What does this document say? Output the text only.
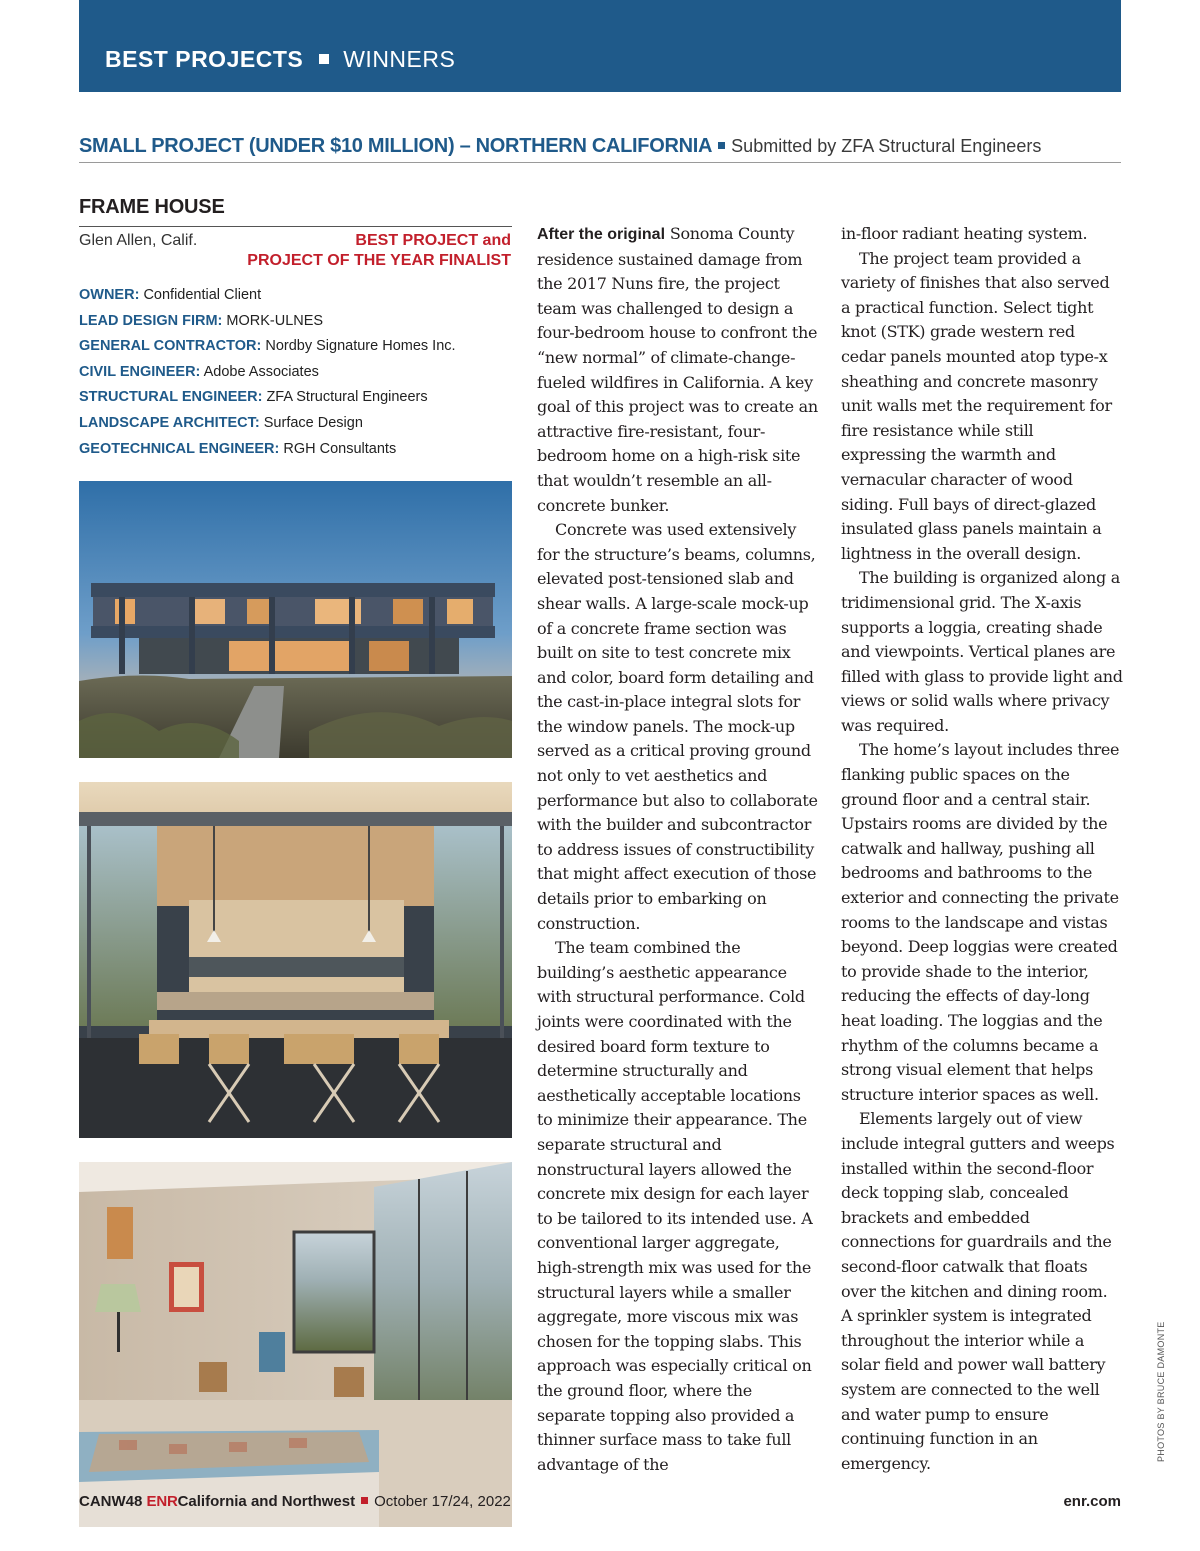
BEST PROJECTS WINNERS
SMALL PROJECT (UNDER $10 MILLION) – NORTHERN CALIFORNIA Submitted by ZFA Structural Engineers
FRAME HOUSE
Glen Allen, Calif.	BEST PROJECT and
PROJECT OF THE YEAR FINALIST
OWNER: Confidential Client
LEAD DESIGN FIRM: MORK-ULNES
GENERAL CONTRACTOR: Nordby Signature Homes Inc.
CIVIL ENGINEER: Adobe Associates
STRUCTURAL ENGINEER: ZFA Structural Engineers
LANDSCAPE ARCHITECT: Surface Design
GEOTECHNICAL ENGINEER: RGH Consultants

After the original Sonoma County residence sustained damage from the 2017 Nuns fire, the project team was challenged to design a four-bedroom house to confront the “new normal” of climate-change-fueled wildfires in California. A key goal of this project was to create an attractive fire-resistant, four-bedroom home on a high-risk site that wouldn’t resemble an all-concrete bunker.

Concrete was used extensively for the structure’s beams, columns, elevated post-tensioned slab and shear walls. A large-scale mock-up of a concrete frame section was built on site to test concrete mix and color, board form detailing and the cast-in-place integral slots for the window panels. The mock-up served as a critical proving ground not only to vet aesthetics and performance but also to collaborate with the builder and subcontractor to address issues of constructibility that might affect execution of those details prior to embarking on construction.

The team combined the building’s aesthetic appearance with structural performance. Cold joints were coordinated with the desired board form texture to determine structurally and aesthetically acceptable locations to minimize their appearance. The separate structural and nonstructural layers allowed the concrete mix design for each layer to be tailored to its intended use. A conventional larger aggregate, high-strength mix was used for the structural layers while a smaller aggregate, more viscous mix was chosen for the topping slabs. This approach was especially critical on the ground floor, where the separate topping also provided a thinner surface mass to take full advantage of the

in-floor radiant heating system.

The project team provided a variety of finishes that also served a practical function. Select tight knot (STK) grade western red cedar panels mounted atop type-x sheathing and concrete masonry unit walls met the requirement for fire resistance while still expressing the warmth and vernacular character of wood siding. Full bays of direct-glazed insulated glass panels maintain a lightness in the overall design.

The building is organized along a tridimensional grid. The X-axis supports a loggia, creating shade and viewpoints. Vertical planes are filled with glass to provide light and views or solid walls where privacy was required.

The home’s layout includes three flanking public spaces on the ground floor and a central stair. Upstairs rooms are divided by the catwalk and hallway, pushing all bedrooms and bathrooms to the exterior and connecting the private rooms to the landscape and vistas beyond. Deep loggias were created to provide shade to the interior, reducing the effects of day-long heat loading. The loggias and the rhythm of the columns became a strong visual element that helps structure interior spaces as well.

Elements largely out of view include integral gutters and weeps installed within the second-floor deck topping slab, concealed brackets and embedded connections for guardrails and the second-floor catwalk that floats over the kitchen and dining room. A sprinkler system is integrated throughout the interior while a solar field and power wall battery system are connected to the well and water pump to ensure continuing function in an emergency.

PHOTOS BY BRUCE DAMONTE
CANW48 ENRCalifornia and Northwest October 17/24, 2022	enr.com
